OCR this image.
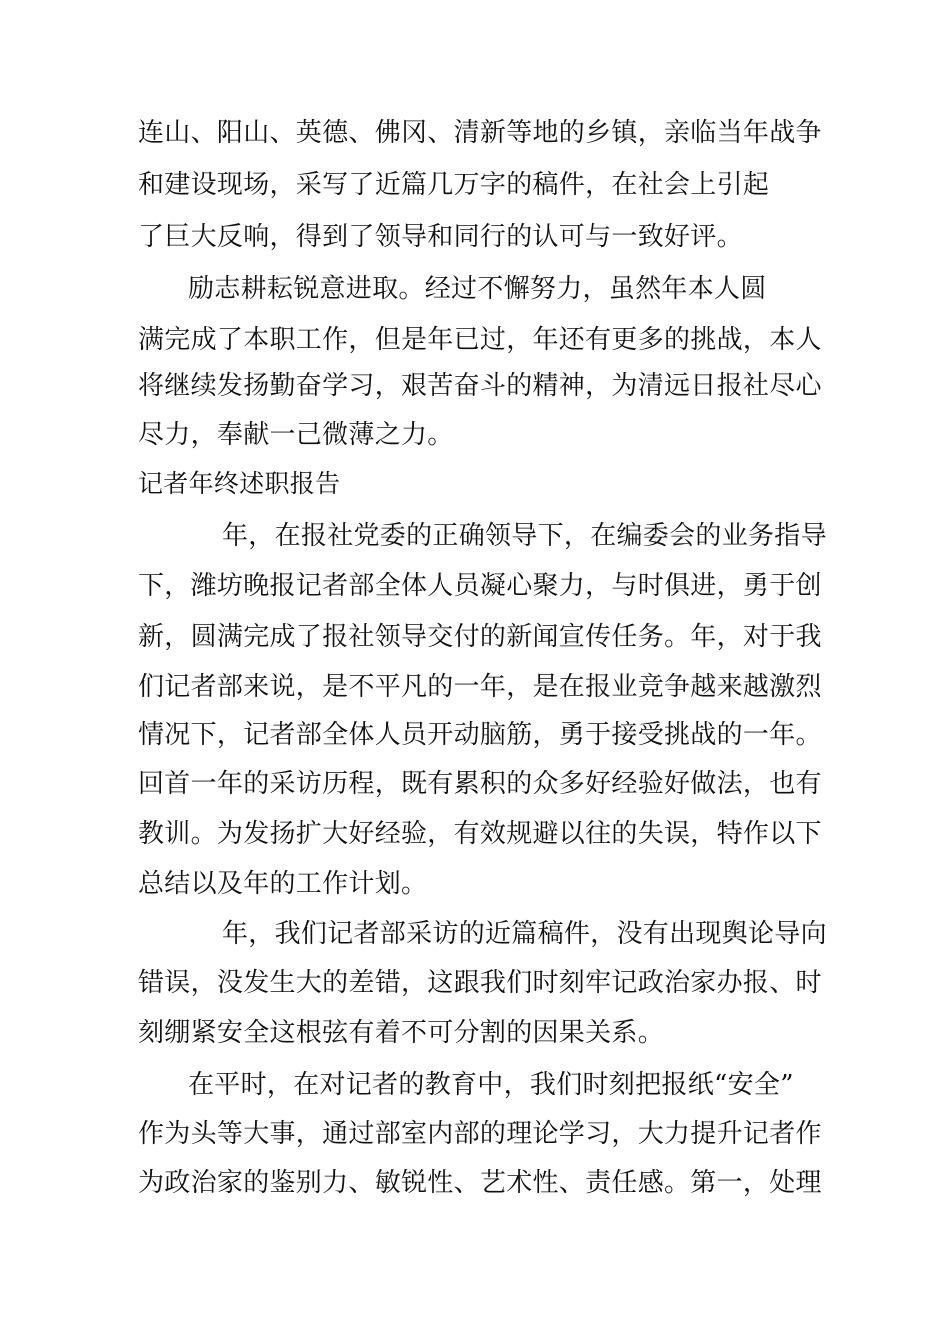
连山、阳山、英德、佛冈、清新等地的乡镇，亲临当年战争
和建设现场，采写了近篇几万字的稿件，在社会上引起
了巨大反响，得到了领导和同行的认可与一致好评。
励志耕耘锐意进取。经过不懈努力，虽然年本人圆
满完成了本职工作，但是年已过，年还有更多的挑战，本人
将继续发扬勤奋学习，艰苦奋斗的精神，为清远日报社尽心
尽力，奉献一己微薄之力。
记者年终述职报告
年，在报社党委的正确领导下，在编委会的业务指导
下，潍坊晚报记者部全体人员凝心聚力，与时俱进，勇于创
新，圆满完成了报社领导交付的新闻宣传任务。年，对于我
们记者部来说，是不平凡的一年，是在报业竞争越来越激烈
情况下，记者部全体人员开动脑筋，勇于接受挑战的一年。
回首一年的采访历程，既有累积的众多好经验好做法，也有
教训。为发扬扩大好经验，有效规避以往的失误，特作以下
总结以及年的工作计划。
年，我们记者部采访的近篇稿件，没有出现舆论导向
错误，没发生大的差错，这跟我们时刻牢记政治家办报、时
刻绷紧安全这根弦有着不可分割的因果关系。
在平时，在对记者的教育中，我们时刻把报纸“安全”
作为头等大事，通过部室内部的理论学习，大力提升记者作
为政治家的鉴别力、敏锐性、艺术性、责任感。第一，处理
